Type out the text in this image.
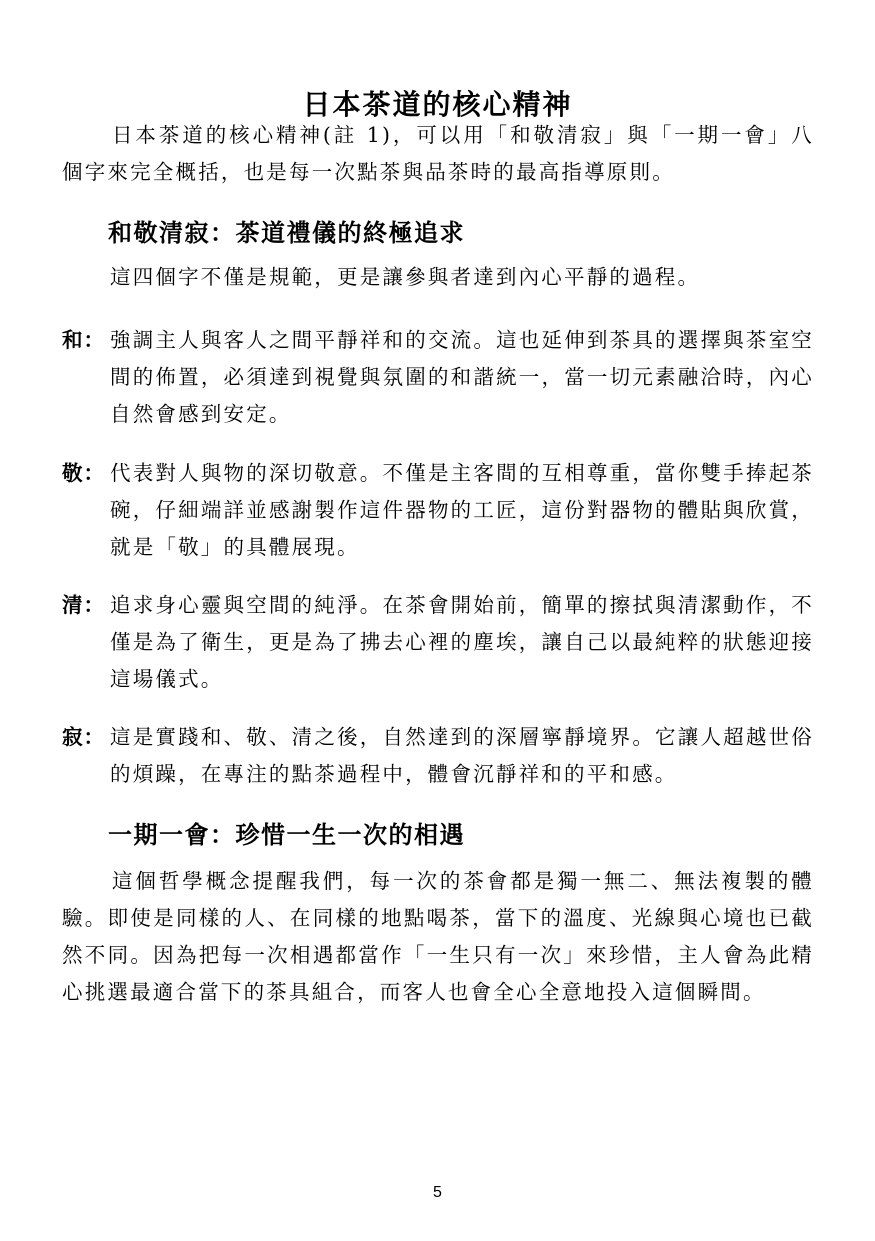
日本茶道的核心精神

日本茶道的核心精神(註 1)，可以用「和敬清寂」與「一期一會」八個字來完全概括，也是每一次點茶與品茶時的最高指導原則。

和敬清寂：茶道禮儀的終極追求

這四個字不僅是規範，更是讓參與者達到內心平靜的過程。

和： 強調主人與客人之間平靜祥和的交流。這也延伸到茶具的選擇與茶室空間的佈置，必須達到視覺與氛圍的和諧統一，當一切元素融洽時，內心自然會感到安定。
敬： 代表對人與物的深切敬意。不僅是主客間的互相尊重，當你雙手捧起茶碗，仔細端詳並感謝製作這件器物的工匠，這份對器物的體貼與欣賞，就是「敬」的具體展現。
清： 追求身心靈與空間的純淨。在茶會開始前，簡單的擦拭與清潔動作，不僅是為了衛生，更是為了拂去心裡的塵埃，讓自己以最純粹的狀態迎接這場儀式。
寂： 這是實踐和、敬、清之後，自然達到的深層寧靜境界。它讓人超越世俗的煩躁，在專注的點茶過程中，體會沉靜祥和的平和感。
一期一會：珍惜一生一次的相遇

這個哲學概念提醒我們，每一次的茶會都是獨一無二、無法複製的體驗。即使是同樣的人、在同樣的地點喝茶，當下的溫度、光線與心境也已截然不同。因為把每一次相遇都當作「一生只有一次」來珍惜，主人會為此精心挑選最適合當下的茶具組合，而客人也會全心全意地投入這個瞬間。

5
